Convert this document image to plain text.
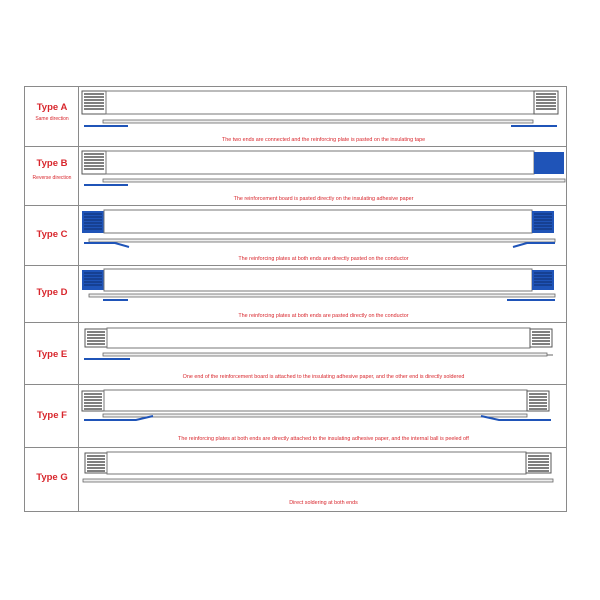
Type A
Same direction
The two ends are connected and the reinforcing plate is pasted on the insulating tape
Type B
Reverse direction
The reinforcement board is pasted directly on the insulating adhesive paper
Type C
The reinforcing plates at both ends are directly pasted on the conductor
Type D
The reinforcing plates at both ends are pasted directly on the conductor
Type E
One end of the reinforcement board is attached to the insulating adhesive paper, and the other end is directly soldered
Type F
The reinforcing plates at both ends are directly attached to the insulating adhesive paper, and the internal ball is peeled off
Type G
Direct soldering at both ends
